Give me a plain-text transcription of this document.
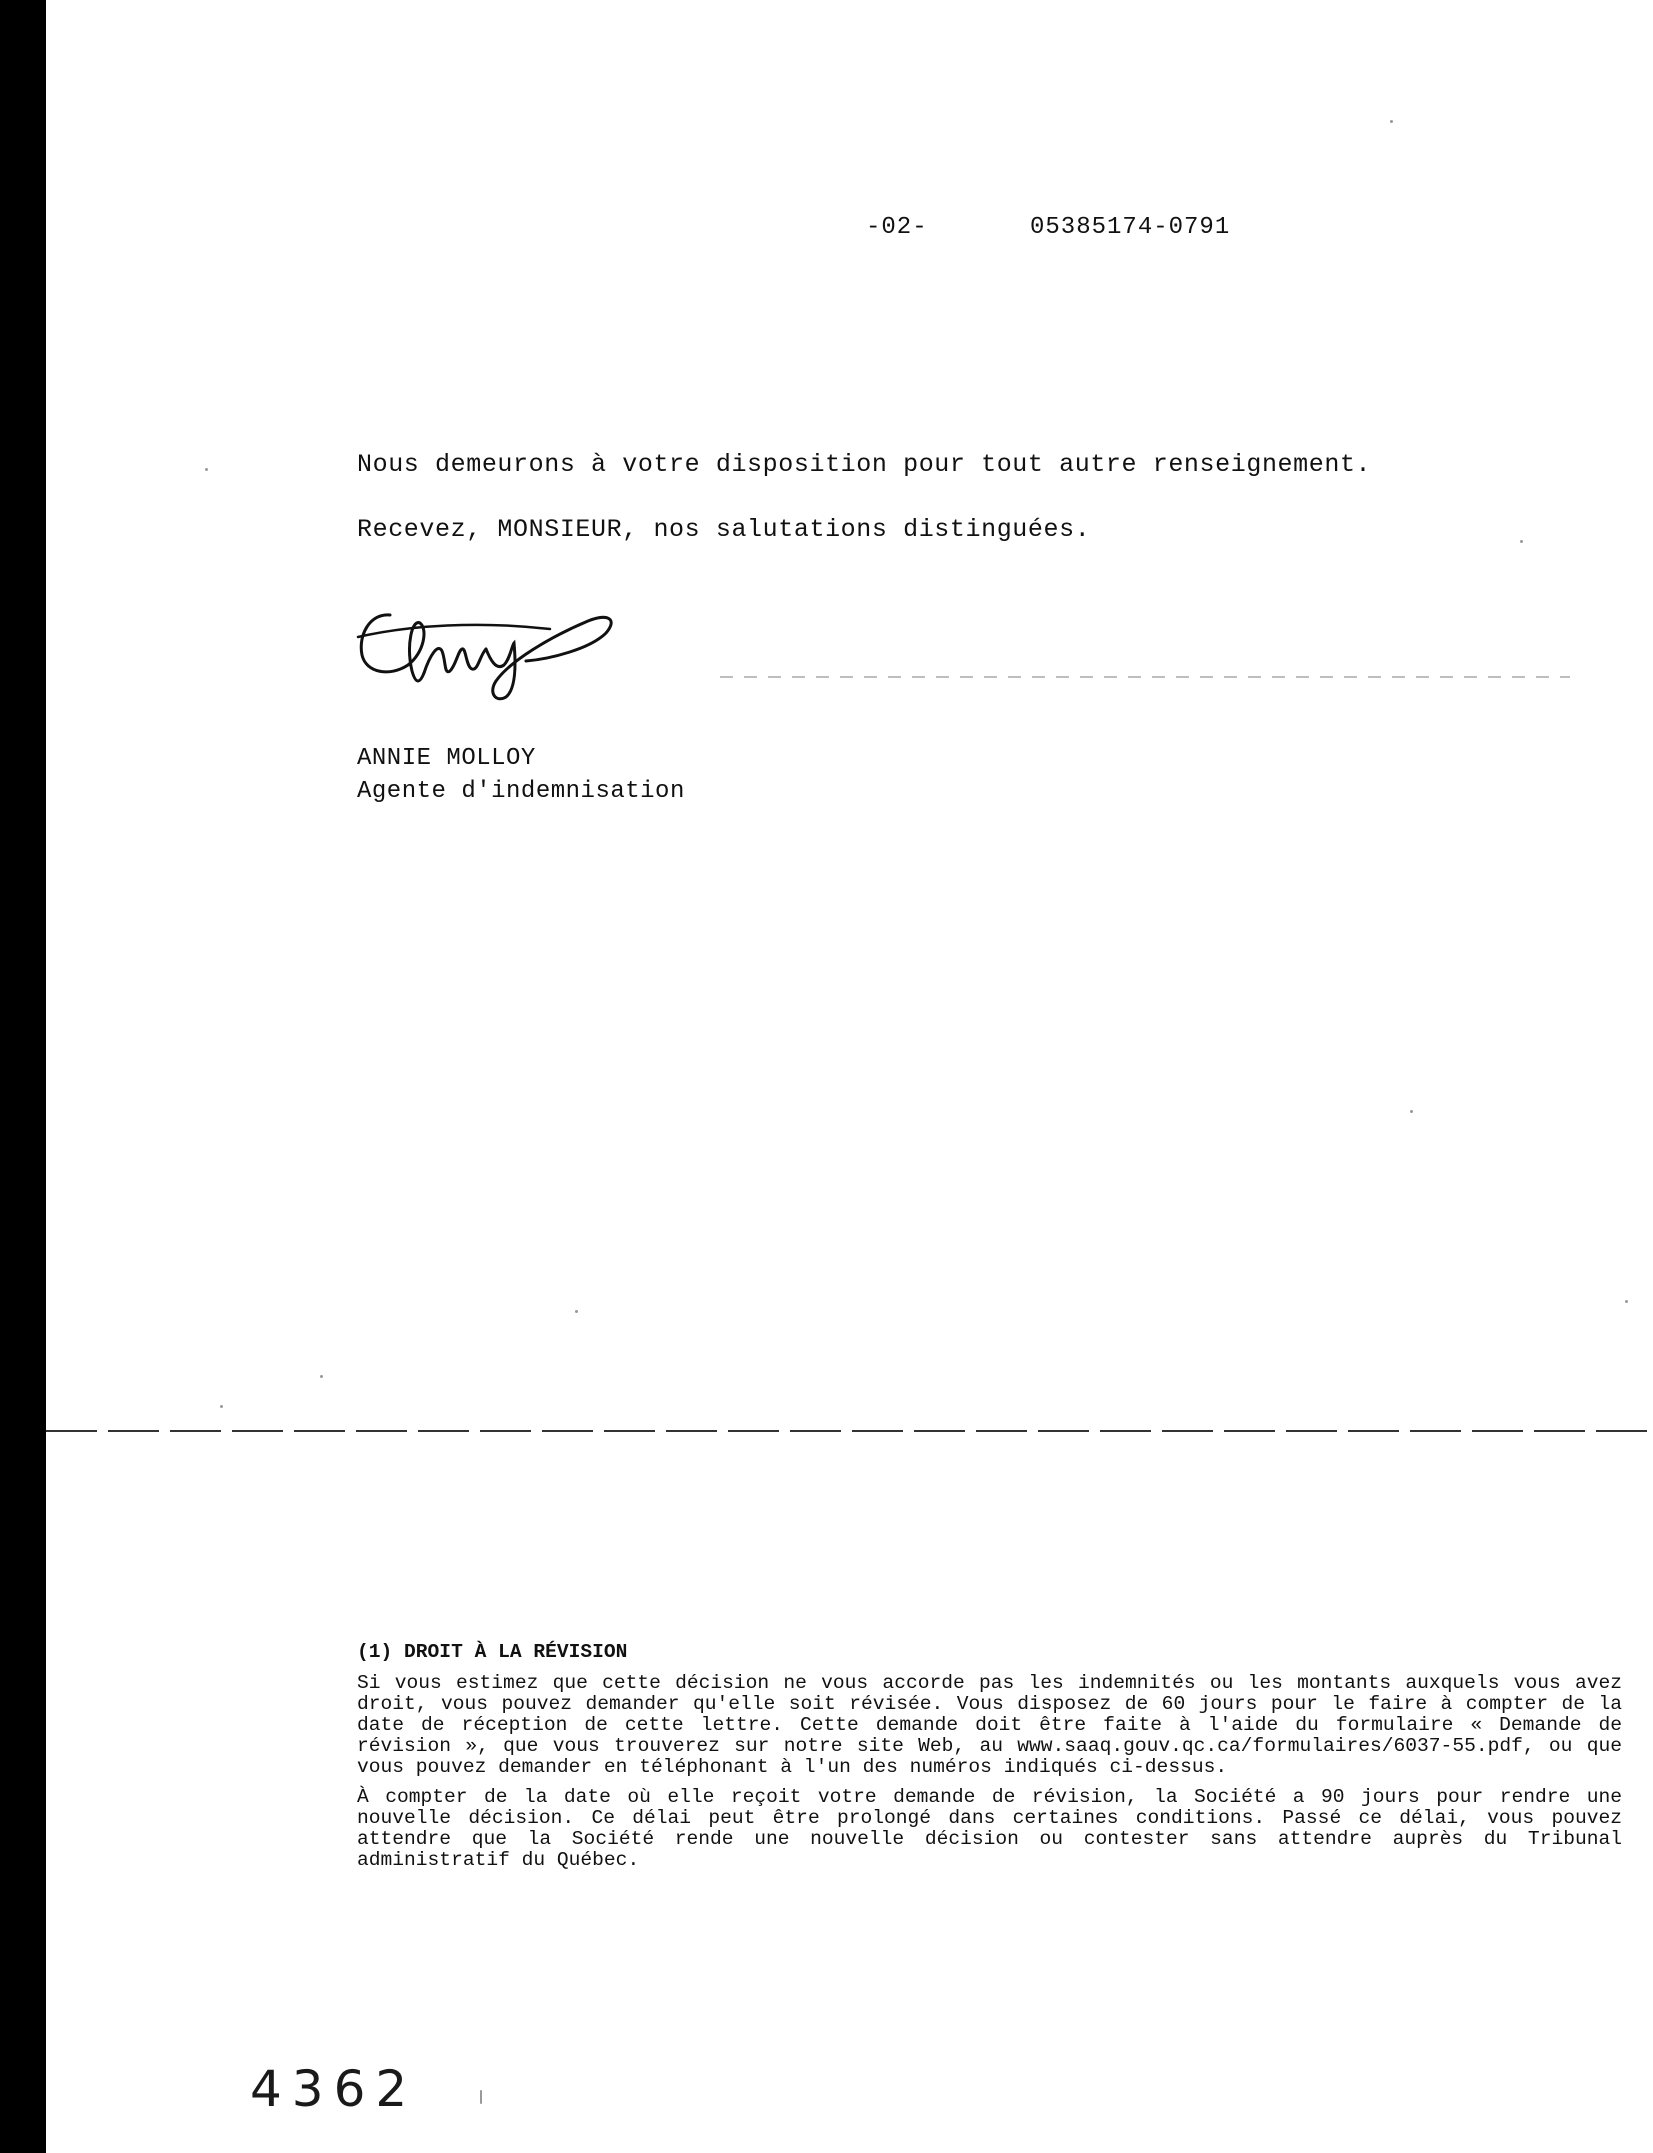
-02-	05385174-0791
Nous demeurons à votre disposition pour tout autre renseignement.
Recevez, MONSIEUR, nos salutations distinguées.
ANNIE MOLLOY
Agente d'indemnisation
(1) DROIT À LA RÉVISION

Si vous estimez que cette décision ne vous accorde pas les indemnités ou les montants auxquels vous avez droit, vous pouvez demander qu'elle soit révisée. Vous disposez de 60 jours pour le faire à compter de la date de réception de cette lettre. Cette demande doit être faite à l'aide du formulaire « Demande de révision », que vous trouverez sur notre site Web, au www.saaq.gouv.qc.ca/formulaires/6037-55.pdf, ou que vous pouvez demander en téléphonant à l'un des numéros indiqués ci-dessus.

À compter de la date où elle reçoit votre demande de révision, la Société a 90 jours pour rendre une nouvelle décision. Ce délai peut être prolongé dans certaines conditions. Passé ce délai, vous pouvez attendre que la Société rende une nouvelle décision ou contester sans attendre auprès du Tribunal administratif du Québec.

4362
